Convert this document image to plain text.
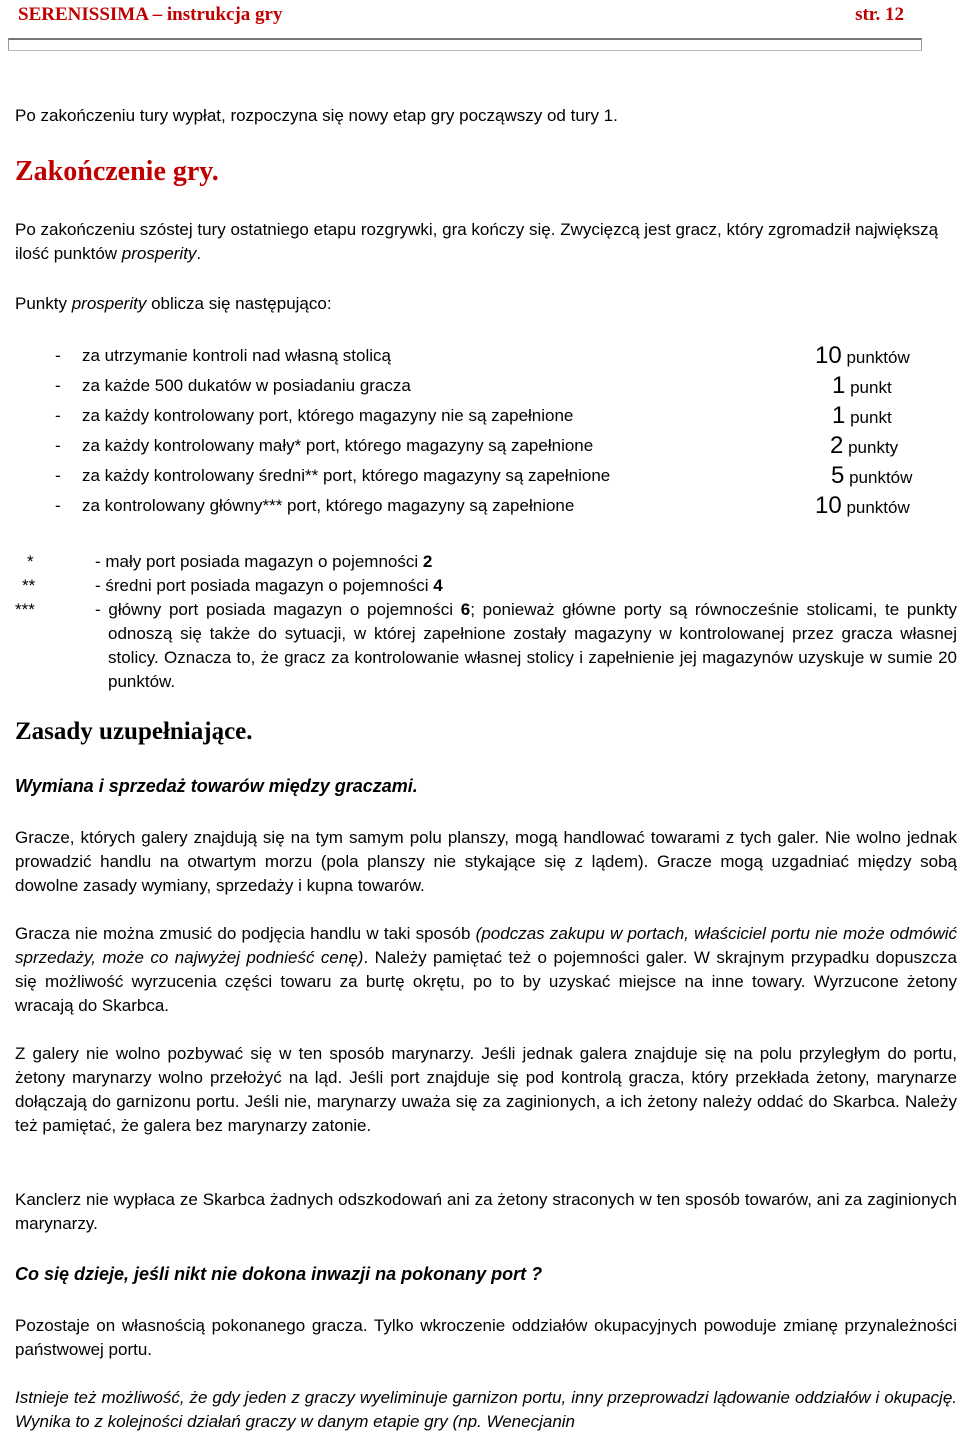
SERENISSIMA – instrukcja gry	str. 12
Po zakończeniu tury wypłat, rozpoczyna się nowy etap gry począwszy od tury 1.
Zakończenie gry.
Po zakończeniu szóstej tury ostatniego etapu rozgrywki, gra kończy się. Zwycięzcą jest gracz, który zgromadził największą ilość punktów prosperity.
Punkty prosperity oblicza się następująco:
- za utrzymanie kontroli nad własną stolicą	10 punktów
- za każde 500 dukatów w posiadaniu gracza	1 punkt
- za każdy kontrolowany port, którego magazyny nie są zapełnione	1 punkt
- za każdy kontrolowany mały* port, którego magazyny są zapełnione	2 punkty
- za każdy kontrolowany średni** port, którego magazyny są zapełnione	5 punktów
- za kontrolowany główny*** port, którego magazyny są zapełnione	10 punktów
*	- mały port posiada magazyn o pojemności 2
**	- średni port posiada magazyn o pojemności 4
***	- główny port posiada magazyn o pojemności 6; ponieważ główne porty są równocześnie stolicami, te punkty odnoszą się także do sytuacji, w której zapełnione zostały magazyny w kontrolowanej przez gracza własnej stolicy. Oznacza to, że gracz za kontrolowanie własnej stolicy i zapełnienie jej magazynów uzyskuje w sumie 20 punktów.
Zasady uzupełniające.
Wymiana i sprzedaż towarów między graczami.
Gracze, których galery znajdują się na tym samym polu planszy, mogą handlować towarami z tych galer. Nie wolno jednak prowadzić handlu na otwartym morzu (pola planszy nie stykające się z lądem). Gracze mogą uzgadniać między sobą dowolne zasady wymiany, sprzedaży i kupna towarów.
Gracza nie można zmusić do podjęcia handlu w taki sposób (podczas zakupu w portach, właściciel portu nie może odmówić sprzedaży, może co najwyżej podnieść cenę). Należy pamiętać też o pojemności galer. W skrajnym przypadku dopuszcza się możliwość wyrzucenia części towaru za burtę okrętu, po to by uzyskać miejsce na inne towary. Wyrzucone żetony wracają do Skarbca.
Z galery nie wolno pozbywać się w ten sposób marynarzy. Jeśli jednak galera znajduje się na polu przyległym do portu, żetony marynarzy wolno przełożyć na ląd. Jeśli port znajduje się pod kontrolą gracza, który przekłada żetony, marynarze dołączają do garnizonu portu. Jeśli nie, marynarzy uważa się za zaginionych, a ich żetony należy oddać do Skarbca. Należy też pamiętać, że galera bez marynarzy zatonie.
Kanclerz nie wypłaca ze Skarbca żadnych odszkodowań ani za żetony straconych w ten sposób towarów, ani za zaginionych marynarzy.
Co się dzieje, jeśli nikt nie dokona inwazji na pokonany port ?
Pozostaje on własnością pokonanego gracza. Tylko wkroczenie oddziałów okupacyjnych powoduje zmianę przynależności państwowej portu.
Istnieje też możliwość, że gdy jeden z graczy wyeliminuje garnizon portu, inny przeprowadzi lądowanie oddziałów i okupację. Wynika to z kolejności działań graczy w danym etapie gry (np. Wenecjanin
